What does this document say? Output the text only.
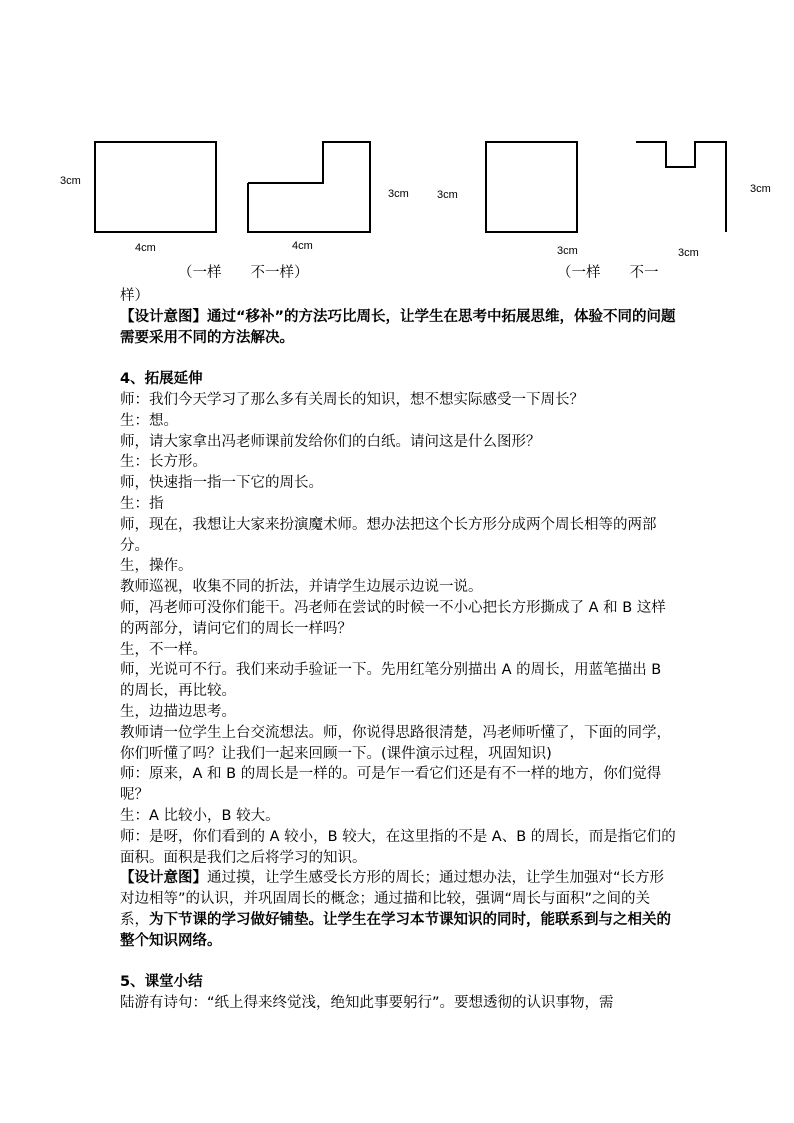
3cm
4cm	4cm
3cm	3cm
3cm	3cm
3cm
（一样　　不一样）	（一样　　不一

样）

【设计意图】通过“移补”的方法巧比周长，让学生在思考中拓展思维，体验不同的问题需要采用不同的方法解决。

4、拓展延伸

师：我们今天学习了那么多有关周长的知识，想不想实际感受一下周长？

生：想。

师，请大家拿出冯老师课前发给你们的白纸。请问这是什么图形？

生：长方形。

师，快速指一指一下它的周长。

生：指

师，现在，我想让大家来扮演魔术师。想办法把这个长方形分成两个周长相等的两部分。

生，操作。

教师巡视，收集不同的折法，并请学生边展示边说一说。

师，冯老师可没你们能干。冯老师在尝试的时候一不小心把长方形撕成了 A 和 B 这样的两部分，请问它们的周长一样吗？

生，不一样。

师，光说可不行。我们来动手验证一下。先用红笔分别描出 A 的周长，用蓝笔描出 B 的周长，再比较。

生，边描边思考。

教师请一位学生上台交流想法。师，你说得思路很清楚，冯老师听懂了，下面的同学，你们听懂了吗？让我们一起来回顾一下。(课件演示过程，巩固知识)

师：原来，A 和 B 的周长是一样的。可是乍一看它们还是有不一样的地方，你们觉得呢？

生：A 比较小，B 较大。

师：是呀，你们看到的 A 较小，B 较大，在这里指的不是 A、B 的周长，而是指它们的面积。面积是我们之后将学习的知识。

【设计意图】通过摸，让学生感受长方形的周长；通过想办法，让学生加强对“长方形对边相等”的认识，并巩固周长的概念；通过描和比较，强调“周长与面积”之间的关系，为下节课的学习做好铺垫。让学生在学习本节课知识的同时，能联系到与之相关的整个知识网络。

5、课堂小结

陆游有诗句：“纸上得来终觉浅，绝知此事要躬行”。要想透彻的认识事物，需
